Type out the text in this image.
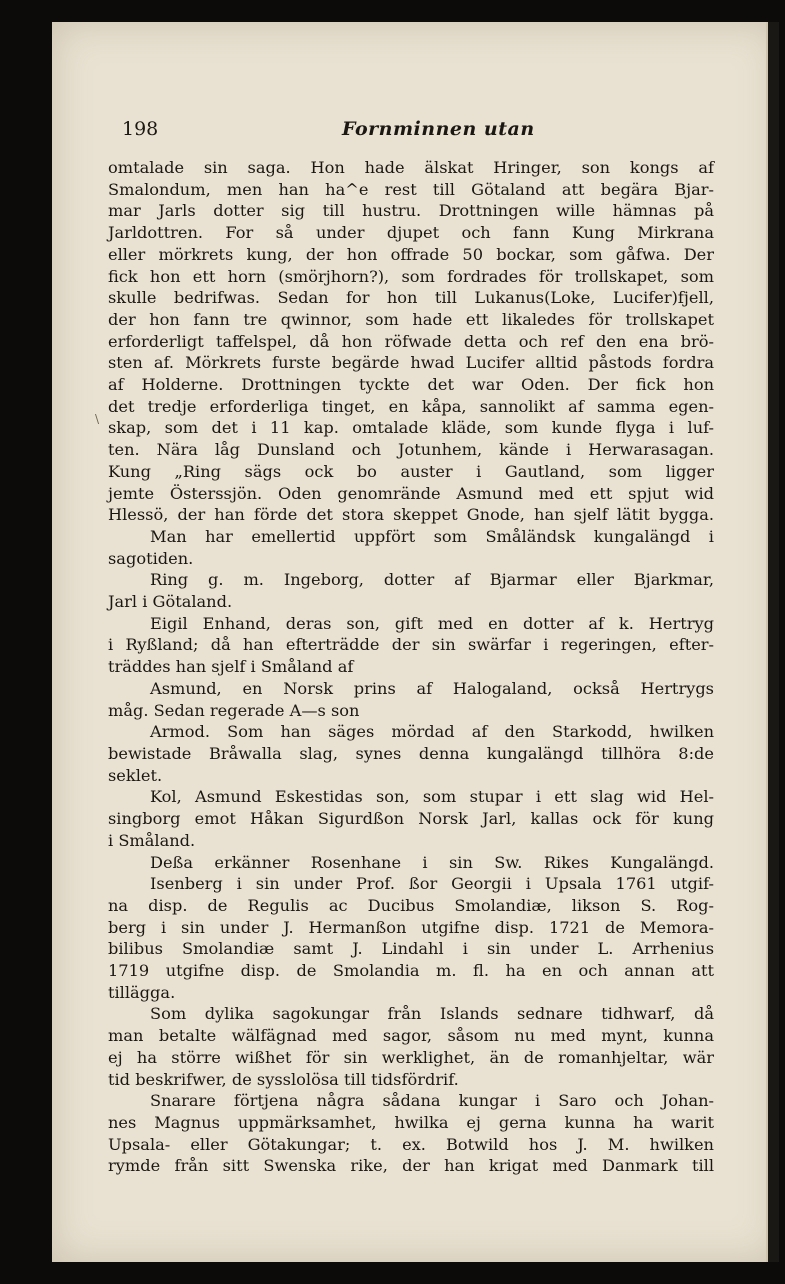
198	Fornminnen utan
\
omtalade sin saga. Hon hade älskat Hringer, son kongs af
Smalondum, men han ha^e rest till Götaland att begära Bjar-
mar Jarls dotter sig till hustru. Drottningen wille hämnas på
Jarldottren. For så under djupet och fann Kung Mirkrana
eller mörkrets kung, der hon offrade 50 bockar, som gåfwa. Der
fick hon ett horn (smörjhorn?), som fordrades för trollskapet, som
skulle bedrifwas. Sedan for hon till Lukanus(Loke, Lucifer)fjell,
der hon fann tre qwinnor, som hade ett likaledes för trollskapet
erforderligt taffelspel, då hon röfwade detta och ref den ena brö-
sten af. Mörkrets furste begärde hwad Lucifer alltid påstods fordra
af Holderne. Drottningen tyckte det war Oden. Der fick hon
det tredje erforderliga tinget, en kåpa, sannolikt af samma egen-
skap, som det i 11 kap. omtalade kläde, som kunde flyga i luf-
ten. Nära låg Dunsland och Jotunhem, kände i Herwarasagan.
Kung „Ring sägs ock bo auster i Gautland, som ligger
jemte Österssjön. Oden genomrände Asmund med ett spjut wid
Hlessö, der han förde det stora skeppet Gnode, han sjelf lätit bygga.
Man har emellertid uppfört som Småländsk kungalängd i
sagotiden.
Ring g. m. Ingeborg, dotter af Bjarmar eller Bjarkmar,
Jarl i Götaland.
Eigil Enhand, deras son, gift med en dotter af k. Hertryg
i Ryßland; då han efterträdde der sin swärfar i regeringen, efter-
träddes han sjelf i Småland af
Asmund, en Norsk prins af Halogaland, också Hertrygs
måg. Sedan regerade A—s son
Armod. Som han säges mördad af den Starkodd, hwilken
bewistade Bråwalla slag, synes denna kungalängd tillhöra 8:de
seklet.
Kol, Asmund Eskestidas son, som stupar i ett slag wid Hel-
singborg emot Håkan Sigurdßon Norsk Jarl, kallas ock för kung
i Småland.
Deßa erkänner Rosenhane i sin Sw. Rikes Kungalängd.
Isenberg i sin under Prof. ßor Georgii i Upsala 1761 utgif-
na disp. de Regulis ac Ducibus Smolandiæ, likson S. Rog-
berg i sin under J. Hermanßon utgifne disp. 1721 de Memora-
bilibus Smolandiæ samt J. Lindahl i sin under L. Arrhenius
1719 utgifne disp. de Smolandia m. fl. ha en och annan att
tillägga.
Som dylika sagokungar från Islands sednare tidhwarf, då
man betalte wälfägnad med sagor, såsom nu med mynt, kunna
ej ha större wißhet för sin werklighet, än de romanhjeltar, wär
tid beskrifwer, de sysslolösa till tidsfördrif.
Snarare förtjena några sådana kungar i Saro och Johan-
nes Magnus uppmärksamhet, hwilka ej gerna kunna ha warit
Upsala- eller Götakungar; t. ex. Botwild hos J. M. hwilken
rymde från sitt Swenska rike, der han krigat med Danmark till
